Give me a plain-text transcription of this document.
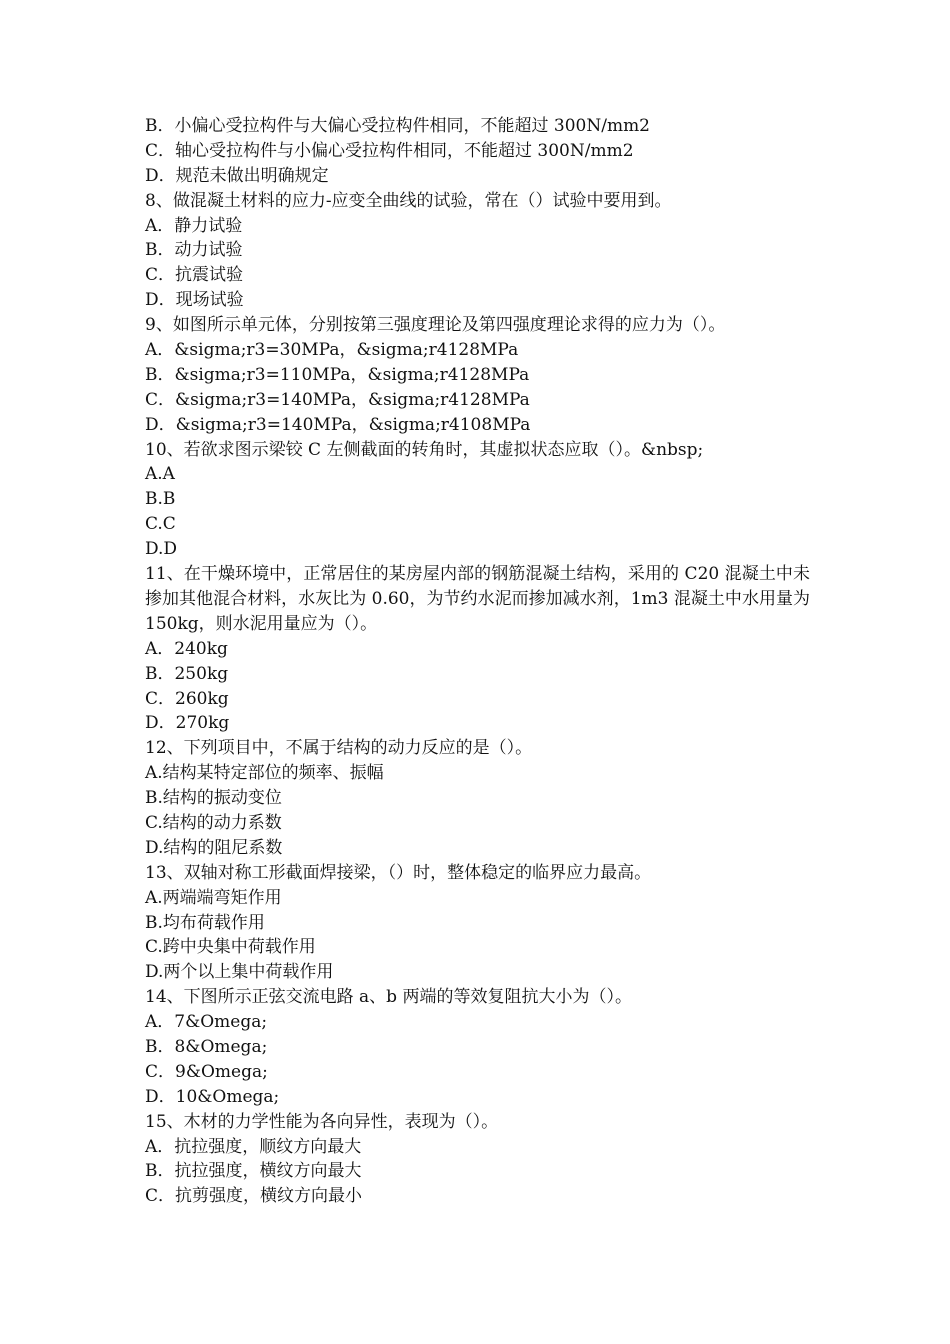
B．小偏心受拉构件与大偏心受拉构件相同，不能超过 300N/mm2
C．轴心受拉构件与小偏心受拉构件相同，不能超过 300N/mm2
D．规范未做出明确规定
8、做混凝土材料的应力-应变全曲线的试验，常在（）试验中要用到。
A．静力试验
B．动力试验
C．抗震试验
D．现场试验
9、如图所示单元体，分别按第三强度理论及第四强度理论求得的应力为（）。
A．&sigma;r3=30MPa，&sigma;r4128MPa
B．&sigma;r3=110MPa，&sigma;r4128MPa
C．&sigma;r3=140MPa，&sigma;r4128MPa
D．&sigma;r3=140MPa，&sigma;r4108MPa
10、若欲求图示梁铰 C 左侧截面的转角时，其虚拟状态应取（）。&nbsp;
A.A
B.B
C.C
D.D
11、在干燥环境中，正常居住的某房屋内部的钢筋混凝土结构，采用的 C20 混凝土中未掺加其他混合材料，水灰比为 0.60，为节约水泥而掺加减水剂，1m3 混凝土中水用量为150kg，则水泥用量应为（）。
A．240kg
B．250kg
C．260kg
D．270kg
12、下列项目中，不属于结构的动力反应的是（）。
A.结构某特定部位的频率、振幅
B.结构的振动变位
C.结构的动力系数
D.结构的阻尼系数
13、双轴对称工形截面焊接梁，（）时，整体稳定的临界应力最高。
A.两端端弯矩作用
B.均布荷载作用
C.跨中央集中荷载作用
D.两个以上集中荷载作用
14、下图所示正弦交流电路 a、b 两端的等效复阻抗大小为（）。
A．7&Omega;
B．8&Omega;
C．9&Omega;
D．10&Omega;
15、木材的力学性能为各向异性，表现为（）。
A．抗拉强度，顺纹方向最大
B．抗拉强度，横纹方向最大
C．抗剪强度，横纹方向最小
